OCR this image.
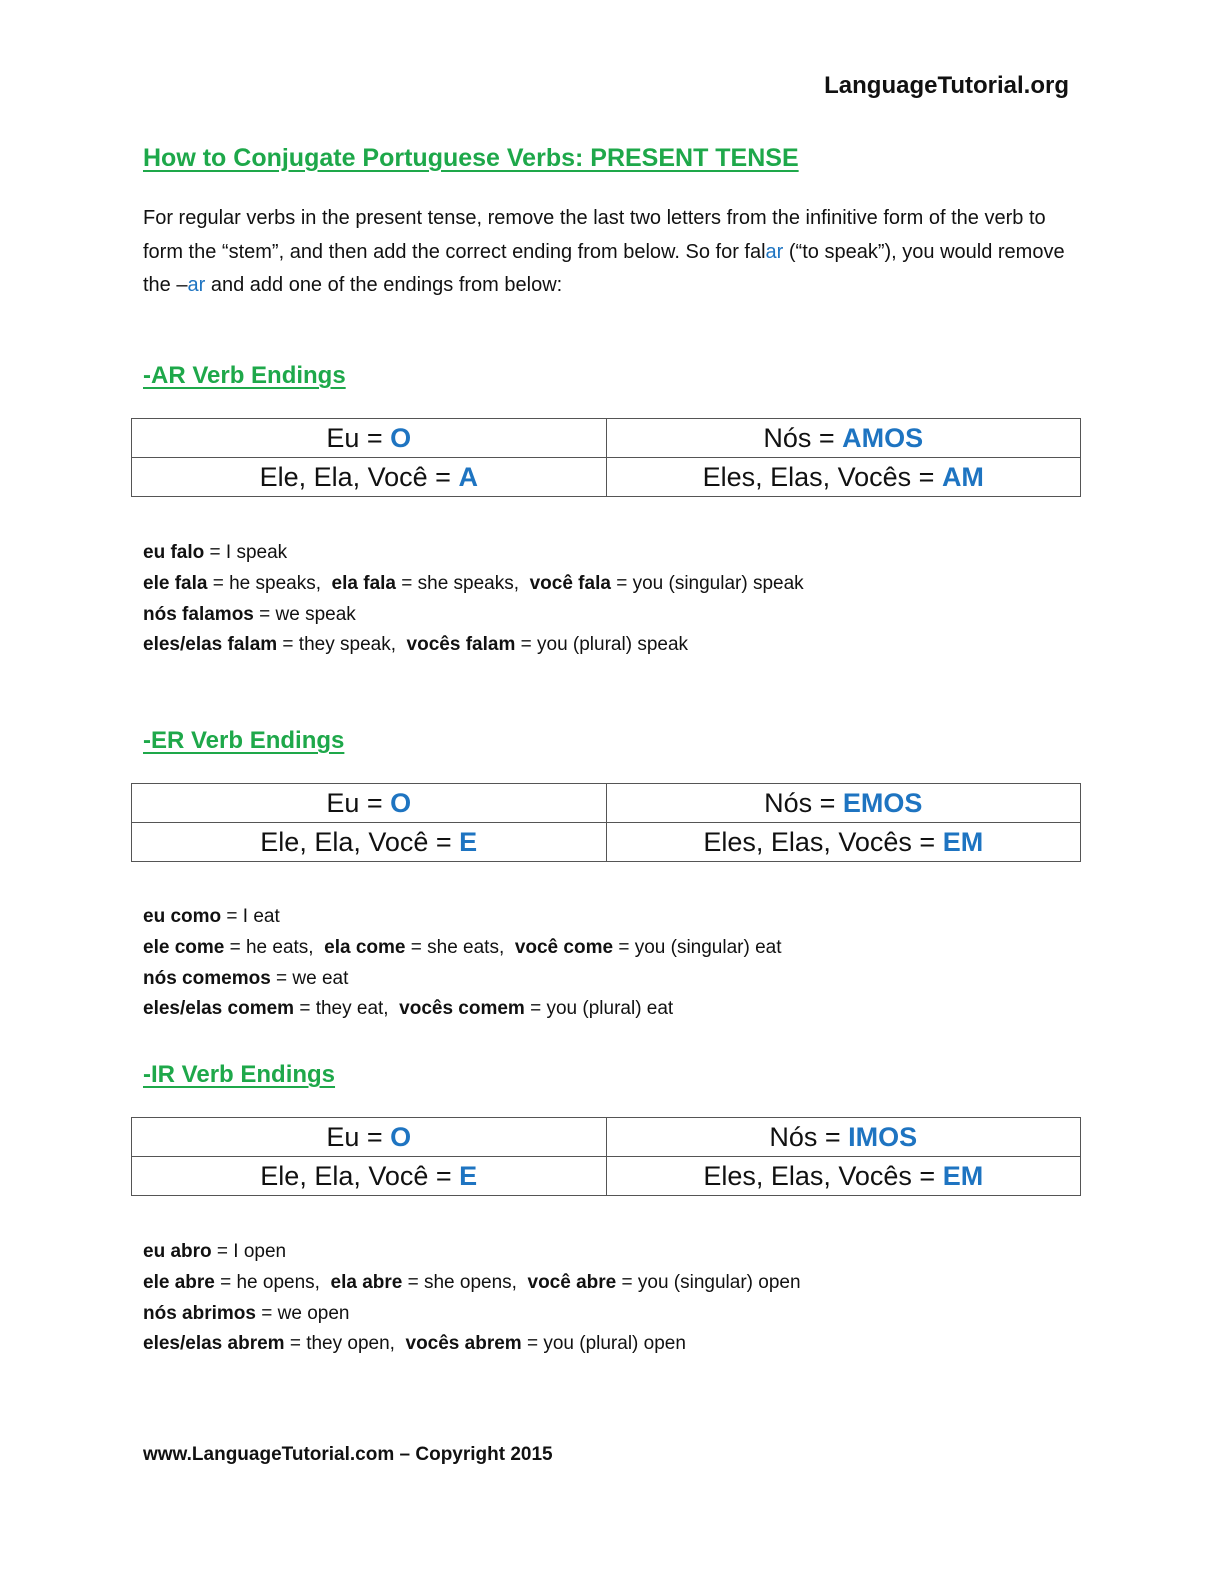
LanguageTutorial.org
How to Conjugate Portuguese Verbs: PRESENT TENSE
For regular verbs in the present tense, remove the last two letters from the infinitive form of the verb to form the “stem”, and then add the correct ending from below. So for falar (“to speak”), you would remove the –ar and add one of the endings from below:
-AR Verb Endings
Eu = O	Nós = AMOS
Ele, Ela, Você = A	Eles, Elas, Vocês = AM
eu falo = I speak
ele fala = he speaks,  ela fala = she speaks,  você fala = you (singular) speak
nós falamos = we speak
eles/elas falam = they speak,  vocês falam = you (plural) speak
-ER Verb Endings
Eu = O	Nós = EMOS
Ele, Ela, Você = E	Eles, Elas, Vocês = EM
eu como = I eat
ele come = he eats,  ela come = she eats,  você come = you (singular) eat
nós comemos = we eat
eles/elas comem = they eat,  vocês comem = you (plural) eat
-IR Verb Endings
Eu = O	Nós = IMOS
Ele, Ela, Você = E	Eles, Elas, Vocês = EM
eu abro = I open
ele abre = he opens,  ela abre = she opens,  você abre = you (singular) open
nós abrimos = we open
eles/elas abrem = they open,  vocês abrem = you (plural) open
www.LanguageTutorial.com – Copyright 2015
